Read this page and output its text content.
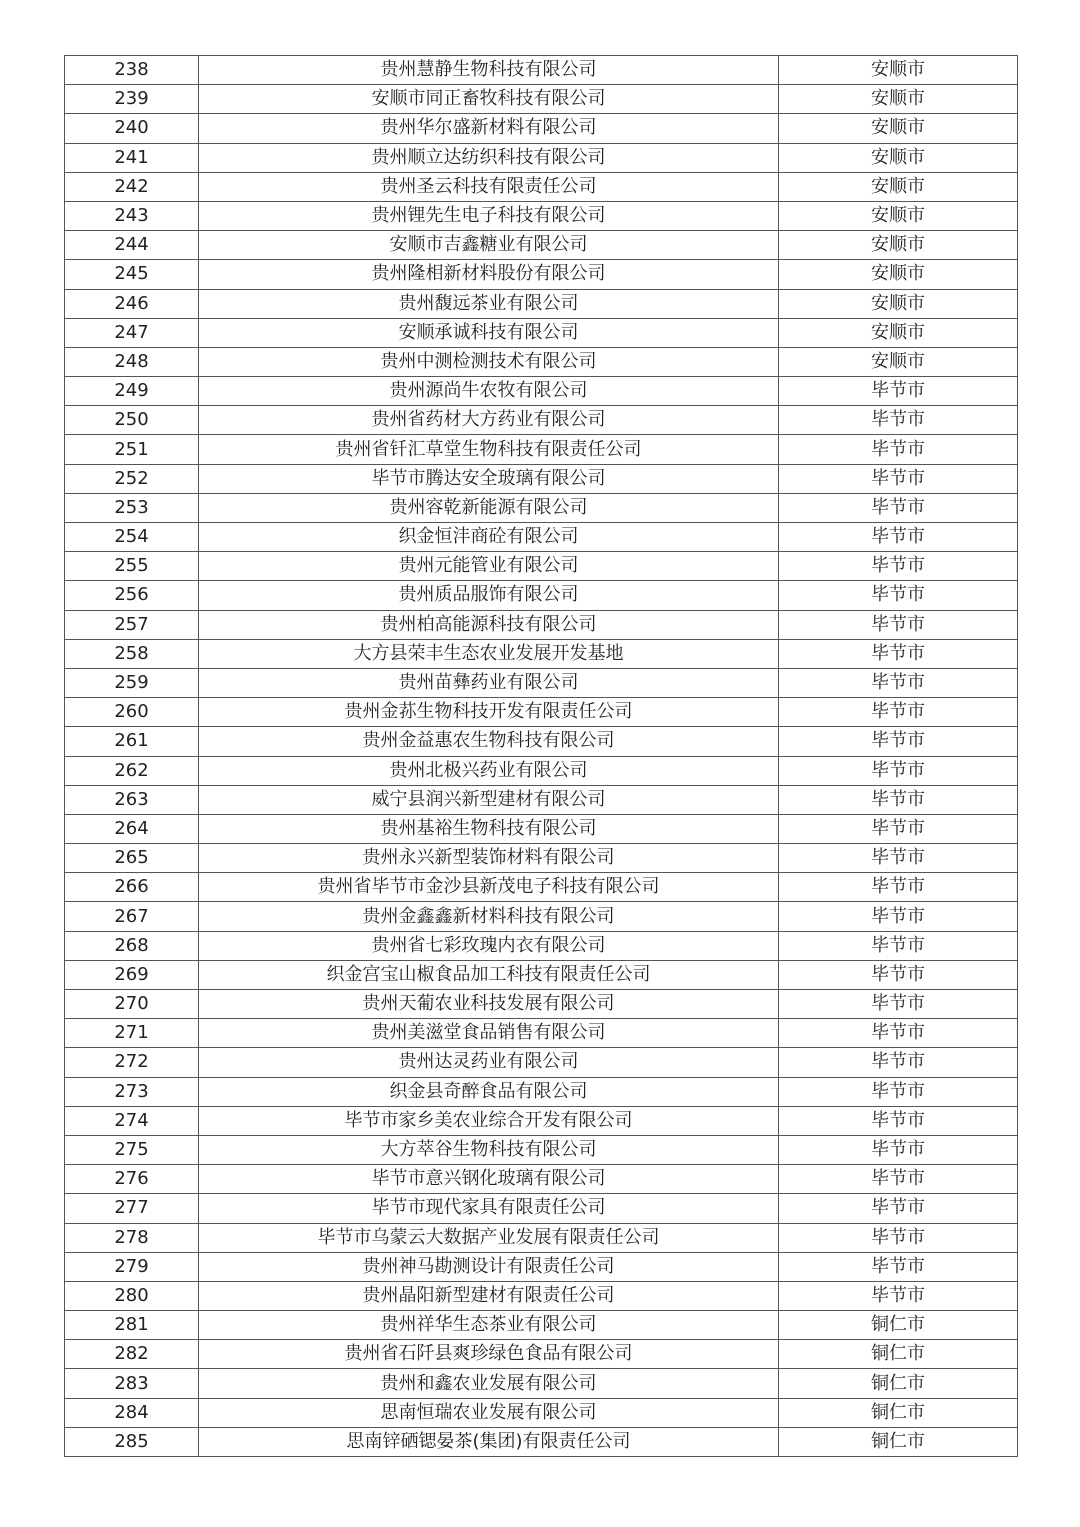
238	贵州慧静生物科技有限公司	安顺市
239	安顺市同正畜牧科技有限公司	安顺市
240	贵州华尔盛新材料有限公司	安顺市
241	贵州顺立达纺织科技有限公司	安顺市
242	贵州圣云科技有限责任公司	安顺市
243	贵州锂先生电子科技有限公司	安顺市
244	安顺市吉鑫糖业有限公司	安顺市
245	贵州隆相新材料股份有限公司	安顺市
246	贵州馥远茶业有限公司	安顺市
247	安顺承诚科技有限公司	安顺市
248	贵州中测检测技术有限公司	安顺市
249	贵州源尚牛农牧有限公司	毕节市
250	贵州省药材大方药业有限公司	毕节市
251	贵州省钎汇草堂生物科技有限责任公司	毕节市
252	毕节市腾达安全玻璃有限公司	毕节市
253	贵州容乾新能源有限公司	毕节市
254	织金恒沣商砼有限公司	毕节市
255	贵州元能管业有限公司	毕节市
256	贵州质品服饰有限公司	毕节市
257	贵州柏高能源科技有限公司	毕节市
258	大方县荣丰生态农业发展开发基地	毕节市
259	贵州苗彝药业有限公司	毕节市
260	贵州金荪生物科技开发有限责任公司	毕节市
261	贵州金益惠农生物科技有限公司	毕节市
262	贵州北极兴药业有限公司	毕节市
263	威宁县润兴新型建材有限公司	毕节市
264	贵州基裕生物科技有限公司	毕节市
265	贵州永兴新型装饰材料有限公司	毕节市
266	贵州省毕节市金沙县新茂电子科技有限公司	毕节市
267	贵州金鑫鑫新材料科技有限公司	毕节市
268	贵州省七彩玫瑰内衣有限公司	毕节市
269	织金宫宝山椒食品加工科技有限责任公司	毕节市
270	贵州天葡农业科技发展有限公司	毕节市
271	贵州美滋堂食品销售有限公司	毕节市
272	贵州达灵药业有限公司	毕节市
273	织金县奇醉食品有限公司	毕节市
274	毕节市家乡美农业综合开发有限公司	毕节市
275	大方萃谷生物科技有限公司	毕节市
276	毕节市意兴钢化玻璃有限公司	毕节市
277	毕节市现代家具有限责任公司	毕节市
278	毕节市乌蒙云大数据产业发展有限责任公司	毕节市
279	贵州神马勘测设计有限责任公司	毕节市
280	贵州晶阳新型建材有限责任公司	毕节市
281	贵州祥华生态茶业有限公司	铜仁市
282	贵州省石阡县爽珍绿色食品有限公司	铜仁市
283	贵州和鑫农业发展有限公司	铜仁市
284	思南恒瑞农业发展有限公司	铜仁市
285	思南锌硒锶晏茶(集团)有限责任公司	铜仁市
